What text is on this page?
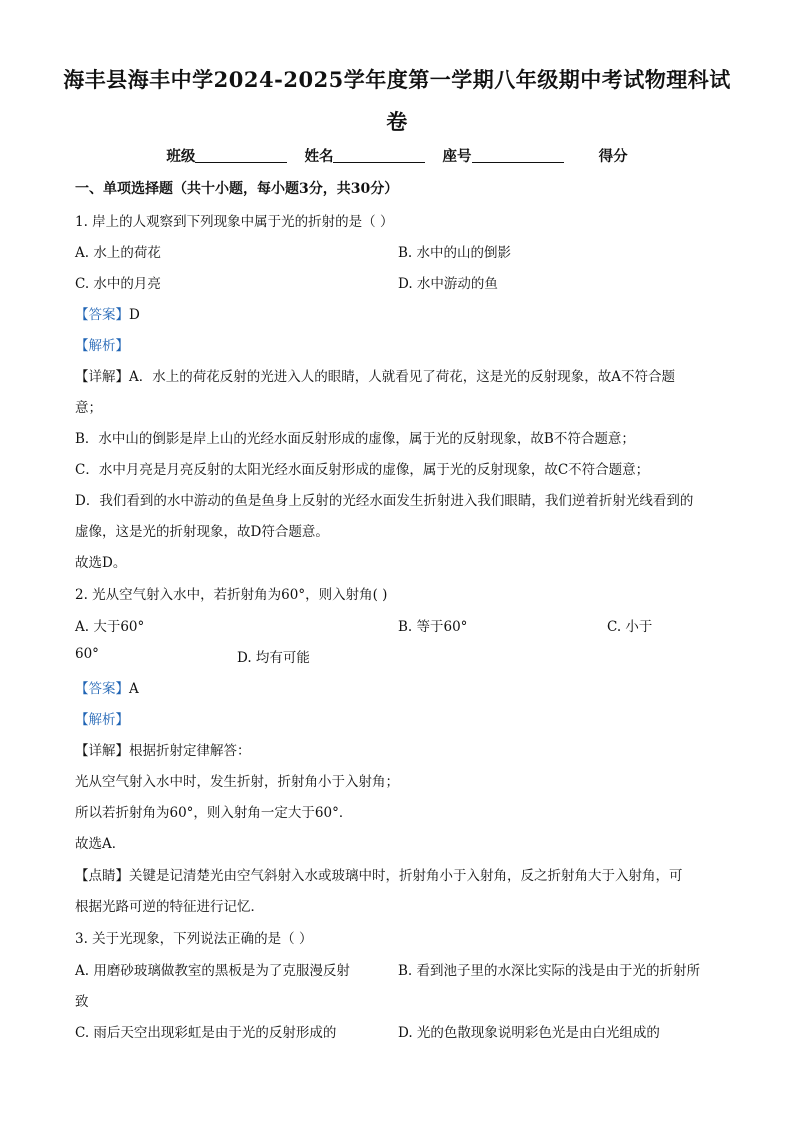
海丰县海丰中学2024-2025学年度第一学期八年级期中考试物理科试
卷
班级	姓名	座号	得分
一、单项选择题（共十小题，每小题3分，共30分）
1. 岸上的人观察到下列现象中属于光的折射的是（ ）
A. 水上的荷花	B. 水中的山的倒影
C. 水中的月亮	D. 水中游动的鱼
【答案】D
【解析】
【详解】A．水上的荷花反射的光进入人的眼睛，人就看见了荷花，这是光的反射现象，故A不符合题
意；
B．水中山的倒影是岸上山的光经水面反射形成的虚像，属于光的反射现象，故B不符合题意；
C．水中月亮是月亮反射的太阳光经水面反射形成的虚像，属于光的反射现象，故C不符合题意；
D．我们看到的水中游动的鱼是鱼身上反射的光经水面发生折射进入我们眼睛，我们逆着折射光线看到的
虚像，这是光的折射现象，故D符合题意。
故选D。
2. 光从空气射入水中，若折射角为60°，则入射角( )
A. 大于60°	B. 等于60°	C. 小于
60°	D. 均有可能
【答案】A
【解析】
【详解】根据折射定律解答：
光从空气射入水中时，发生折射，折射角小于入射角；
所以若折射角为60°，则入射角一定大于60°．
故选A．
【点睛】关键是记清楚光由空气斜射入水或玻璃中时，折射角小于入射角，反之折射角大于入射角，可
根据光路可逆的特征进行记忆．
3. 关于光现象，下列说法正确的是（ ）
A. 用磨砂玻璃做教室的黑板是为了克服漫反射	B. 看到池子里的水深比实际的浅是由于光的折射所
致
C. 雨后天空出现彩虹是由于光的反射形成的	D. 光的色散现象说明彩色光是由白光组成的
